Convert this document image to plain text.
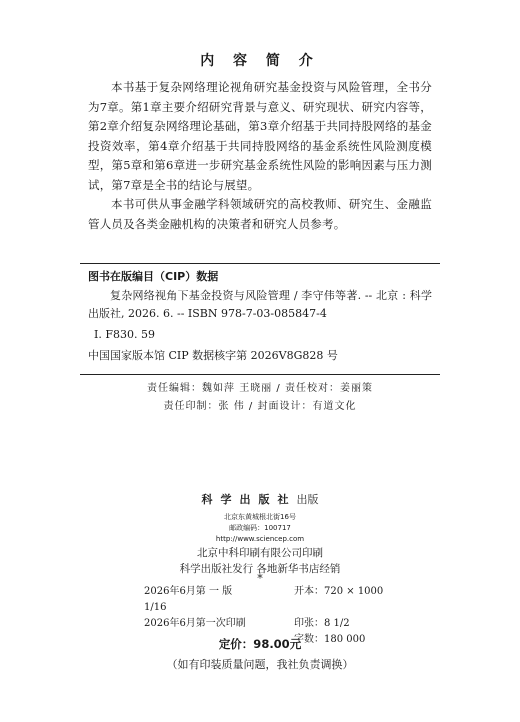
内 容 简 介

本书基于复杂网络理论视角研究基金投资与风险管理，全书分为7章。第1章主要介绍研究背景与意义、研究现状、研究内容等，第2章介绍复杂网络理论基础，第3章介绍基于共同持股网络的基金投资效率，第4章介绍基于共同持股网络的基金系统性风险测度模型，第5章和第6章进一步研究基金系统性风险的影响因素与压力测试，第7章是全书的结论与展望。

本书可供从事金融学科领域研究的高校教师、研究生、金融监管人员及各类金融机构的决策者和研究人员参考。

图书在版编目（CIP）数据
复杂网络视角下基金投资与风险管理 / 李守伟等著. -- 北京 : 科学出版社, 2026. 6. -- ISBN 978-7-03-085847-4
Ⅰ. F830. 59
中国国家版本馆 CIP 数据核字第 2026V8G828 号
责任编辑：魏如萍 王晓丽 / 责任校对：姜丽策
责任印制：张 伟 / 封面设计：有道文化
科学出版社出版
北京东黄城根北街16号
邮政编码：100717
http://www.sciencep.com
北京中科印刷有限公司印刷
科学出版社发行 各地新华书店经销
*
2026年6月第 一 版	开本：720 × 1000  1/16
2026年6月第一次印刷	印张：8 1/2
字数：180 000
定价：98.00元
（如有印装质量问题，我社负责调换）
